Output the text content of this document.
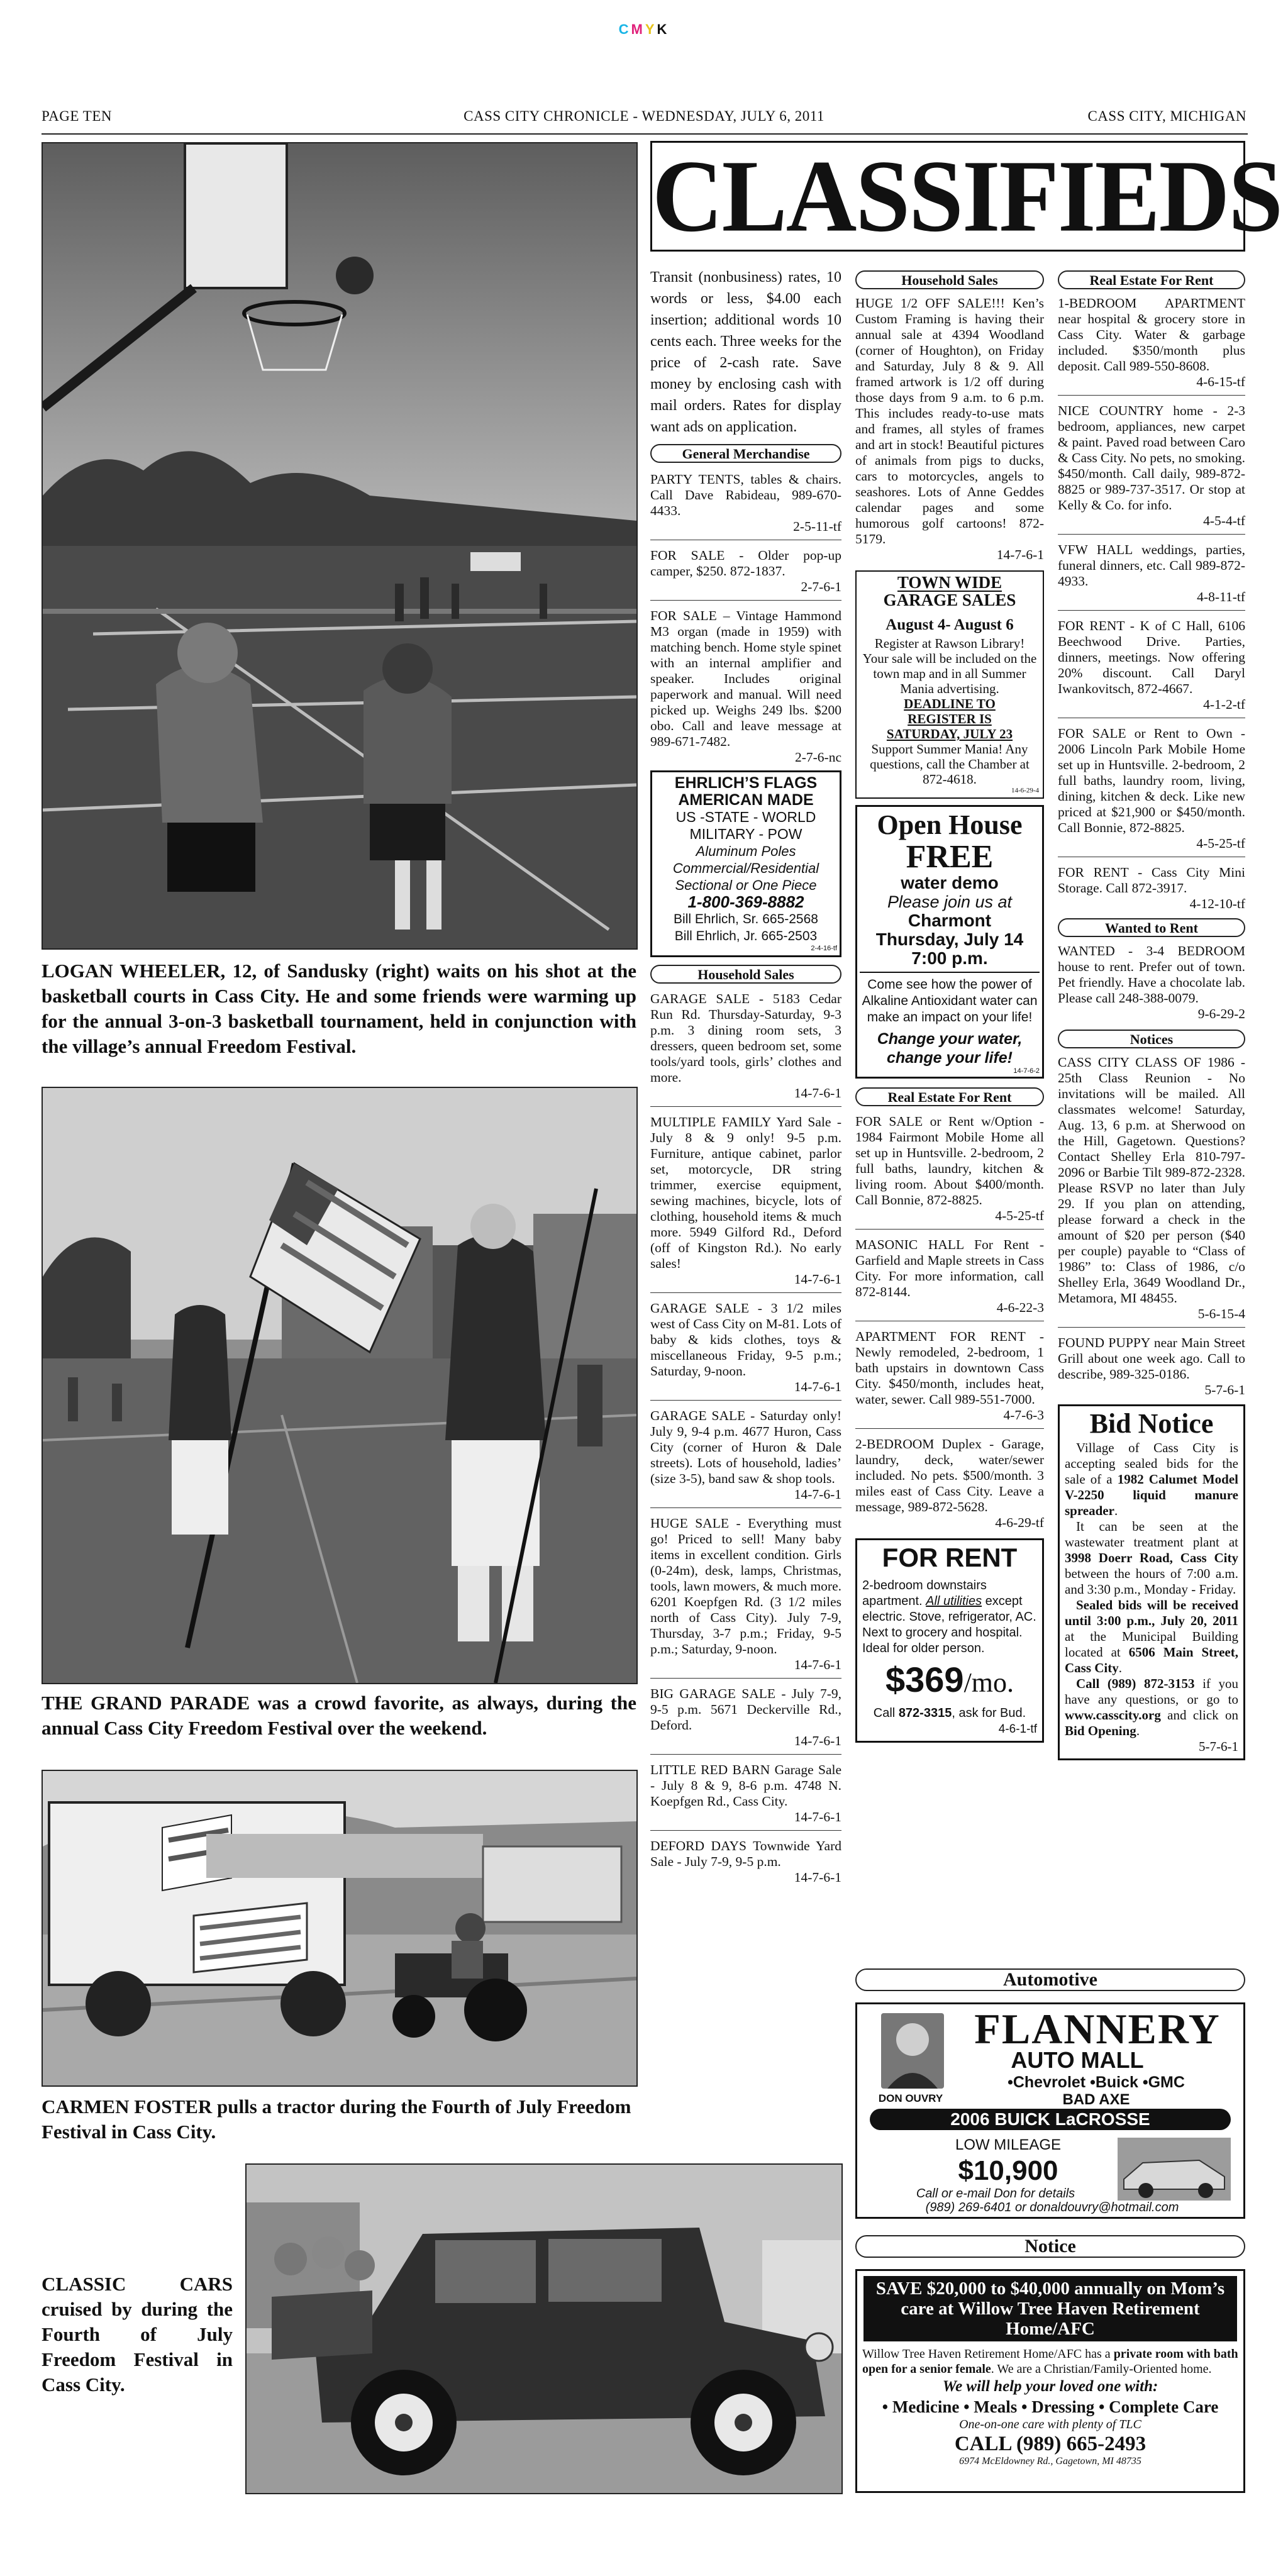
CMYK
PAGE TEN	CASS CITY CHRONICLE - WEDNESDAY, JULY 6, 2011	CASS CITY, MICHIGAN
LOGAN WHEELER, 12, of Sandusky (right) waits on his shot at the basketball courts in Cass City. He and some friends were warming up for the annual 3-on-3 basketball tournament, held in conjunction with the village’s annual Freedom Festival.
THE GRAND PARADE was a crowd favorite, as always, during the annual Cass City Freedom Festival over the weekend.
CARMEN FOSTER pulls a tractor during the Fourth of July Freedom Festival in Cass City.
CLASSIC CARS cruised by during the Fourth of July Freedom Festival in Cass City.
CLASSIFIEDS

Transit (nonbusiness) rates, 10 words or less, $4.00 each insertion; additional words 10 cents each. Three weeks for the price of 2-cash rate. Save money by enclosing cash with mail orders. Rates for display want ads on application.

General Merchandise

PARTY TENTS, tables & chairs. Call Dave Rabideau, 989-670-4433.
2-5-11-tf

FOR SALE - Older pop-up camper, $250. 872-1837.
2-7-6-1

FOR SALE – Vintage Hammond M3 organ (made in 1959) with matching bench. Home style spinet with an internal amplifier and speaker. Includes original paperwork and manual. Will need picked up. Weighs 249 lbs. $200 obo. Call and leave message at 989-671-7482.
2-7-6-nc

EHRLICH’S FLAGS
AMERICAN MADE
US -STATE - WORLD
MILITARY - POW
Aluminum Poles
Commercial/Residential
Sectional or One Piece
1-800-369-8882
Bill Ehrlich, Sr. 665-2568
Bill Ehrlich, Jr. 665-2503
2-4-16-tf
Household Sales

GARAGE SALE - 5183 Cedar Run Rd. Thursday-Saturday, 9-3 p.m. 3 dining room sets, 3 dressers, queen bedroom set, some tools/yard tools, girls’ clothes and more.
14-7-6-1

MULTIPLE FAMILY Yard Sale - July 8 & 9 only! 9-5 p.m. Furniture, antique cabinet, parlor set, motorcycle, DR string trimmer, exercise equipment, sewing machines, bicycle, lots of clothing, household items & much more. 5949 Gilford Rd., Deford (off of Kingston Rd.). No early sales!
14-7-6-1

GARAGE SALE - 3 1/2 miles west of Cass City on M-81. Lots of baby & kids clothes, toys & miscellaneous Friday, 9-5 p.m.; Saturday, 9-noon.
14-7-6-1

GARAGE SALE - Saturday only! July 9, 9-4 p.m. 4677 Huron, Cass City (corner of Huron & Dale streets). Lots of household, ladies’ (size 3-5), band saw & shop tools.
14-7-6-1

HUGE SALE - Everything must go! Priced to sell! Many baby items in excellent condition. Girls (0-24m), desk, lamps, Christmas, tools, lawn mowers, & much more. 6201 Koepfgen Rd. (3 1/2 miles north of Cass City). July 7-9, Thursday, 3-7 p.m.; Friday, 9-5 p.m.; Saturday, 9-noon.
14-7-6-1

BIG GARAGE SALE - July 7-9, 9-5 p.m. 5671 Deckerville Rd., Deford.
14-7-6-1

LITTLE RED BARN Garage Sale - July 8 & 9, 8-6 p.m. 4748 N. Koepfgen Rd., Cass City.
14-7-6-1

DEFORD DAYS Townwide Yard Sale - July 7-9, 9-5 p.m.
14-7-6-1

Household Sales

HUGE 1/2 OFF SALE!!! Ken’s Custom Framing is having their annual sale at 4394 Woodland (corner of Houghton), on Friday and Saturday, July 8 & 9. All framed artwork is 1/2 off during those days from 9 a.m. to 6 p.m. This includes ready-to-use mats and frames, all styles of frames and art in stock! Beautiful pictures of animals from pigs to ducks, cars to motorcycles, angels to seashores. Lots of Anne Geddes calendar pages and some humorous golf cartoons! 872-5179.
14-7-6-1

TOWN WIDE
GARAGE SALES
August 4- August 6
Register at Rawson Library! Your sale will be included on the town map and in all Summer Mania advertising.
DEADLINE TO
REGISTER IS
SATURDAY, JULY 23
Support Summer Mania! Any questions, call the Chamber at 872-4618.
14-6-29-4
Open House
FREE
water demo
Please join us at
Charmont
Thursday, July 14
7:00 p.m.
Come see how the power of Alkaline Antioxidant water can make an impact on your life!
Change your water,
change your life!
14-7-6-2
Real Estate For Rent

FOR SALE or Rent w/Option - 1984 Fairmont Mobile Home all set up in Huntsville. 2-bedroom, 2 full baths, laundry, kitchen & living room. About $400/month. Call Bonnie, 872-8825.
4-5-25-tf

MASONIC HALL For Rent - Garfield and Maple streets in Cass City. For more information, call 872-8144.
4-6-22-3

APARTMENT FOR RENT - Newly remodeled, 2-bedroom, 1 bath upstairs in downtown Cass City. $450/month, includes heat, water, sewer. Call 989-551-7000.
4-7-6-3

2-BEDROOM Duplex - Garage, laundry, deck, water/sewer included. No pets. $500/month. 3 miles east of Cass City. Leave a message, 989-872-5628.
4-6-29-tf

FOR RENT
2-bedroom downstairs apartment. All utilities except electric. Stove, refrigerator, AC. Next to grocery and hospital. Ideal for older person.
$369/mo.
Call 872-3315, ask for Bud.
4-6-1-tf
Real Estate For Rent

1-BEDROOM APARTMENT near hospital & grocery store in Cass City. Water & garbage included. $350/month plus deposit. Call 989-550-8608.
4-6-15-tf

NICE COUNTRY home - 2-3 bedroom, appliances, new carpet & paint. Paved road between Caro & Cass City. No pets, no smoking. $450/month. Call daily, 989-872-8825 or 989-737-3517. Or stop at Kelly & Co. for info.
4-5-4-tf

VFW HALL weddings, parties, funeral dinners, etc. Call 989-872-4933.
4-8-11-tf

FOR RENT - K of C Hall, 6106 Beechwood Drive. Parties, dinners, meetings. Now offering 20% discount. Call Daryl Iwankovitsch, 872-4667.
4-1-2-tf

FOR SALE or Rent to Own - 2006 Lincoln Park Mobile Home set up in Huntsville. 2-bedroom, 2 full baths, laundry room, living, dining, kitchen & deck. Like new priced at $21,900 or $450/month. Call Bonnie, 872-8825.
4-5-25-tf

FOR RENT - Cass City Mini Storage. Call 872-3917.
4-12-10-tf

Wanted to Rent

WANTED - 3-4 BEDROOM house to rent. Prefer out of town. Pet friendly. Have a chocolate lab. Please call 248-388-0079.
9-6-29-2

Notices

CASS CITY CLASS OF 1986 - 25th Class Reunion - No invitations will be mailed. All classmates welcome! Saturday, Aug. 13, 6 p.m. at Sherwood on the Hill, Gagetown. Questions? Contact Shelley Erla 810-797-2096 or Barbie Tilt 989-872-2328. Please RSVP no later than July 29. If you plan on attending, please forward a check in the amount of $20 per person ($40 per couple) payable to “Class of 1986” to: Class of 1986, c/o Shelley Erla, 3649 Woodland Dr., Metamora, MI 48455.
5-6-15-4

FOUND PUPPY near Main Street Grill about one week ago. Call to describe, 989-325-0186.
5-7-6-1

Bid Notice
Village of Cass City is accepting sealed bids for the sale of a 1982 Calumet Model V-2250 liquid manure spreader.
It can be seen at the wastewater treatment plant at 3998 Doerr Road, Cass City between the hours of 7:00 a.m. and 3:30 p.m., Monday - Friday.
Sealed bids will be received until 3:00 p.m., July 20, 2011 at the Municipal Building located at 6506 Main Street, Cass City.
Call (989) 872-3153 if you have any questions, or go to www.casscity.org and click on Bid Opening.
5-7-6-1
Automotive
DON OUVRY
FLANNERY
AUTO MALL
•Chevrolet •Buick •GMC
BAD AXE
2006 BUICK LaCROSSE
LOW MILEAGE
$10,900
Call or e-mail Don for details
(989) 269-6401 or donaldouvry@hotmail.com
Notice
SAVE $20,000 to $40,000 annually on Mom’s care at Willow Tree Haven Retirement Home/AFC
Willow Tree Haven Retirement Home/AFC has a private room with bath open for a senior female. We are a Christian/Family-Oriented home.
We will help your loved one with:
• Medicine • Meals • Dressing • Complete Care
One-on-one care with plenty of TLC
CALL (989) 665-2493
6974 McEldowney Rd., Gagetown, MI 48735
